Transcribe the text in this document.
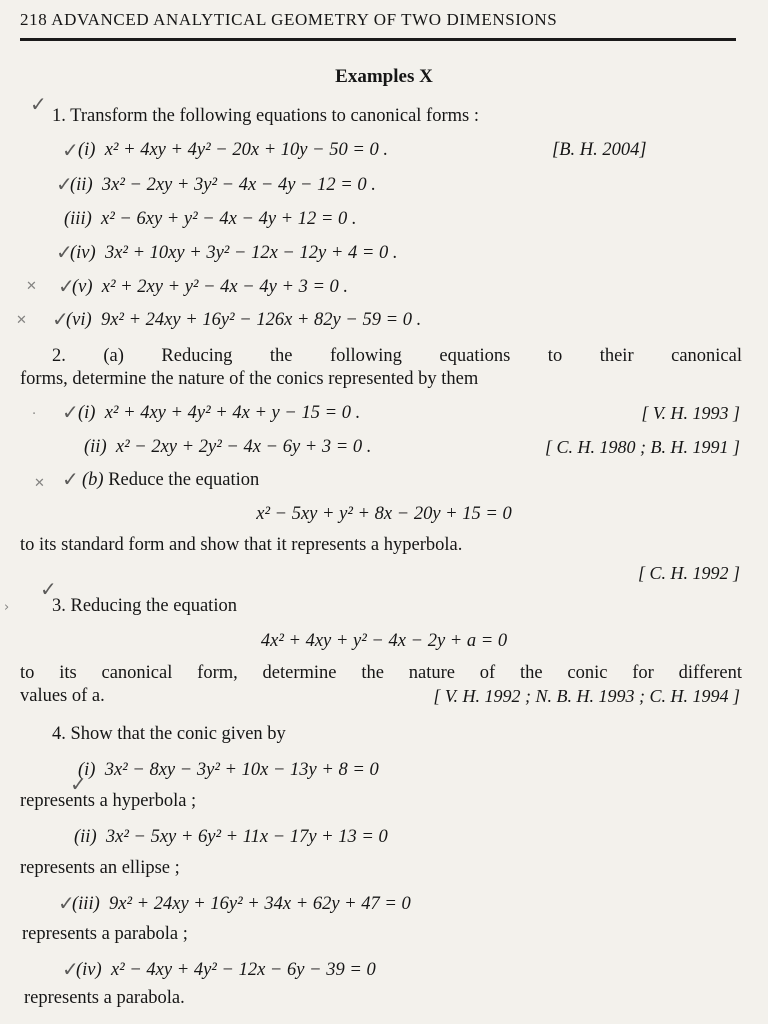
218 ADVANCED ANALYTICAL GEOMETRY OF TWO DIMENSIONS
Examples X
✓ 1. Transform the following equations to canonical forms :
✓ (i) x² + 4xy + 4y² − 20x + 10y − 50 = 0 .	[B. H. 2004]
✓
(ii) 3x² − 2xy + 3y² − 4x − 4y − 12 = 0 .
(iii) x² − 6xy + y² − 4x − 4y + 12 = 0 .
✓
(iv) 3x² + 10xy + 3y² − 12x − 12y + 4 = 0 .
✕ ✓
(v) x² + 2xy + y² − 4x − 4y + 3 = 0 .
✕ ✓
(vi) 9x² + 24xy + 16y² − 126x + 82y − 59 = 0 .
2. (a) Reducing the following equations to their canonical
forms, determine the nature of the conics represented by them
· ✓ (i) x² + 4xy + 4y² + 4x + y − 15 = 0 .	[ V. H. 1993 ]
(ii) x² − 2xy + 2y² − 4x − 6y + 3 = 0 .	[ C. H. 1980 ; B. H. 1991 ]
✕ ✓ (b) Reduce the equation
x² − 5xy + y² + 8x − 20y + 15 = 0
to its standard form and show that it represents a hyperbola.
[ C. H. 1992 ]
✓
› 3. Reducing the equation
4x² + 4xy + y² − 4x − 2y + a = 0
to its canonical form, determine the nature of the conic for different
values of a.	[ V. H. 1992 ; N. B. H. 1993 ; C. H. 1994 ]
4. Show that the conic given by
✓
(i) 3x² − 8xy − 3y² + 10x − 13y + 8 = 0
represents a hyperbola ;
(ii) 3x² − 5xy + 6y² + 11x − 17y + 13 = 0
represents an ellipse ;
✓
(iii) 9x² + 24xy + 16y² + 34x + 62y + 47 = 0
represents a parabola ;
✓
(iv) x² − 4xy + 4y² − 12x − 6y − 39 = 0
represents a parabola.
